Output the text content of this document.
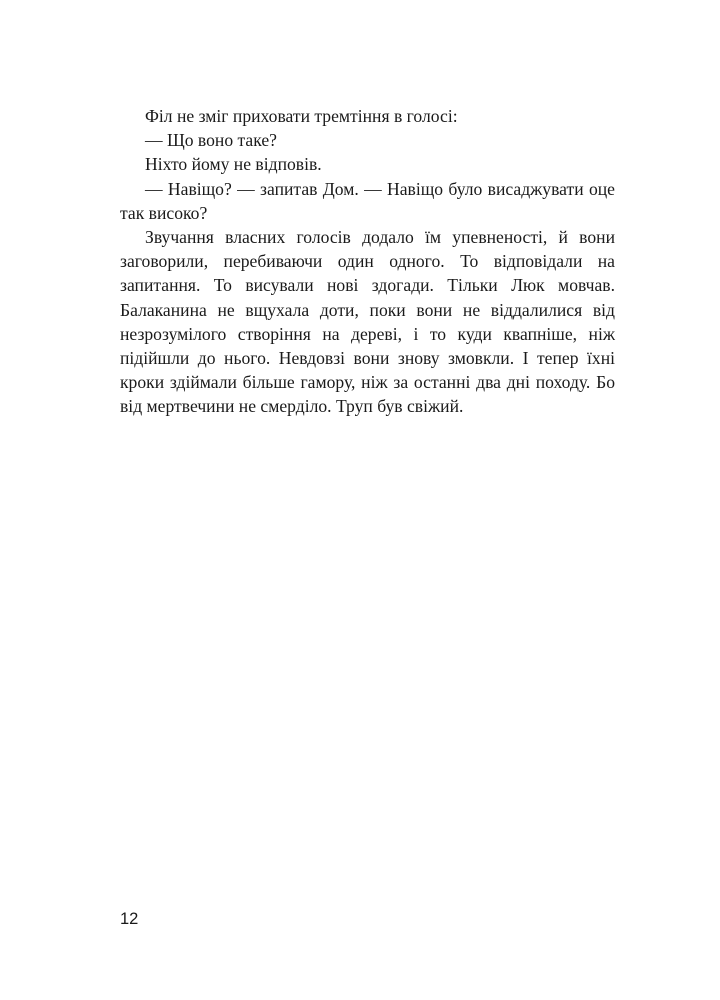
Філ не зміг приховати тремтіння в голосі:

— Що воно таке?

Ніхто йому не відповів.

— Навіщо? — запитав Дом. — Навіщо було висаджувати оце так високо?

Звучання власних голосів додало їм упевненості, й вони заговорили, перебиваючи один одного. То відповідали на запитання. То висували нові здогади. Тільки Люк мовчав. Балаканина не вщухала доти, поки вони не віддалилися від незрозумілого створіння на дереві, і то куди квапніше, ніж підійшли до нього. Невдовзі вони знову змовкли. І тепер їхні кроки здіймали більше гамору, ніж за останні два дні походу. Бо від мертвечини не смерділо. Труп був свіжий.

12
